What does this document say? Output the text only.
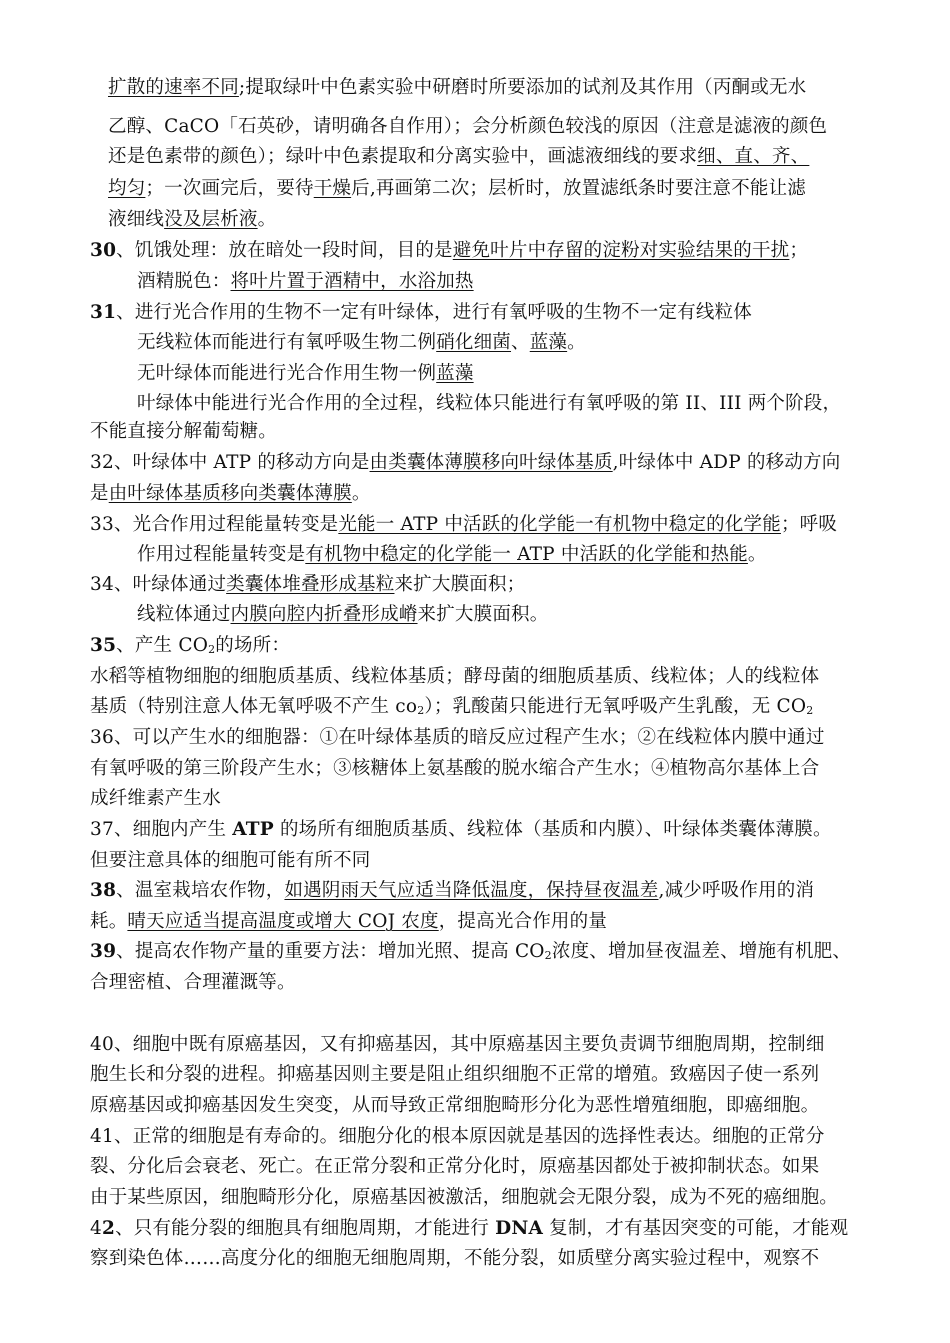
扩散的速率不同;提取绿叶中色素实验中研磨时所要添加的试剂及其作用（丙酮或无水
乙醇、CaCO「石英砂，请明确各自作用）；会分析颜色较浅的原因（注意是滤液的颜色
还是色素带的颜色）；绿叶中色素提取和分离实验中，画滤液细线的要求细、直、齐、
均匀；一次画完后，要待干燥后,再画第二次；层析时，放置滤纸条时要注意不能让滤
液细线没及层析液。
30、饥饿处理：放在暗处一段时间，目的是避免叶片中存留的淀粉对实验结果的干扰；
酒精脱色：将叶片置于酒精中，水浴加热
31、进行光合作用的生物不一定有叶绿体，进行有氧呼吸的生物不一定有线粒体
无线粒体而能进行有氧呼吸生物二例硝化细菌、蓝藻。
无叶绿体而能进行光合作用生物一例蓝藻
叶绿体中能进行光合作用的全过程，线粒体只能进行有氧呼吸的第 II、III 两个阶段，
不能直接分解葡萄糖。
32、叶绿体中 ATP 的移动方向是由类囊体薄膜移向叶绿体基质,叶绿体中 ADP 的移动方向
是由叶绿体基质移向类囊体薄膜。
33、光合作用过程能量转变是光能一 ATP 中活跃的化学能一有机物中稳定的化学能；呼吸
作用过程能量转变是有机物中稳定的化学能一 ATP 中活跃的化学能和热能。
34、叶绿体通过类囊体堆叠形成基粒来扩大膜面积；
线粒体通过内膜向腔内折叠形成嵴来扩大膜面积。
35、产生 $CO_2$的场所：
水稻等植物细胞的细胞质基质、线粒体基质；酵母菌的细胞质基质、线粒体；人的线粒体
基质（特别注意人体无氧呼吸不产生 $co_2$）；乳酸菌只能进行无氧呼吸产生乳酸，无 $CO_2$
36、可以产生水的细胞器：①在叶绿体基质的暗反应过程产生水；②在线粒体内膜中通过
有氧呼吸的第三阶段产生水；③核糖体上氨基酸的脱水缩合产生水；④植物高尔基体上合
成纤维素产生水
37、细胞内产生 ATP 的场所有细胞质基质、线粒体（基质和内膜）、叶绿体类囊体薄膜。
但要注意具体的细胞可能有所不同
38、温室栽培农作物，如遇阴雨天气应适当降低温度，保持昼夜温差,减少呼吸作用的消
耗。晴天应适当提高温度或增大 COJ 农度，提高光合作用的量
39、提高农作物产量的重要方法：增加光照、提高 $CO_2$浓度、增加昼夜温差、增施有机肥、
合理密植、合理灌溉等。
40、细胞中既有原癌基因，又有抑癌基因，其中原癌基因主要负责调节细胞周期，控制细
胞生长和分裂的进程。抑癌基因则主要是阻止组织细胞不正常的增殖。致癌因子使一系列
原癌基因或抑癌基因发生突变，从而导致正常细胞畸形分化为恶性增殖细胞，即癌细胞。
41、正常的细胞是有寿命的。细胞分化的根本原因就是基因的选择性表达。细胞的正常分
裂、分化后会衰老、死亡。在正常分裂和正常分化时，原癌基因都处于被抑制状态。如果
由于某些原因，细胞畸形分化，原癌基因被激活，细胞就会无限分裂，成为不死的癌细胞。
42、只有能分裂的细胞具有细胞周期，才能进行 DNA 复制，才有基因突变的可能，才能观
察到染色体……高度分化的细胞无细胞周期，不能分裂，如质壁分离实验过程中，观察不
